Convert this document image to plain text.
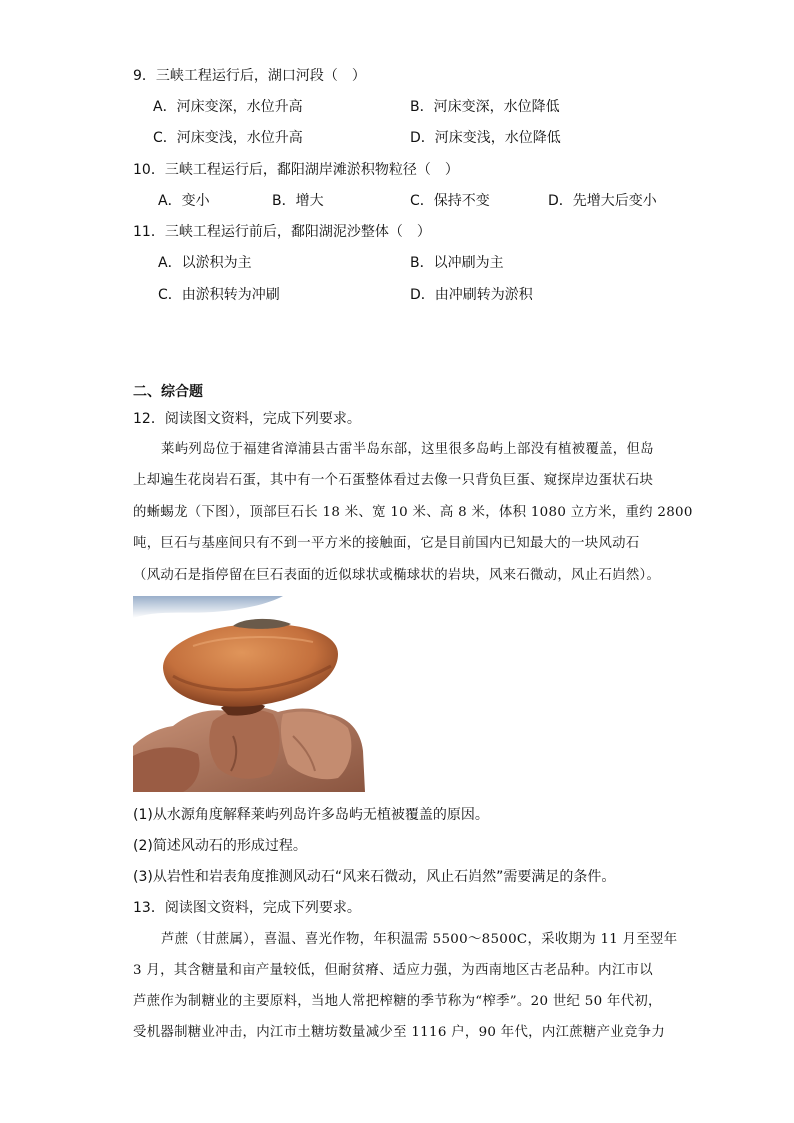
9．三峡工程运行后，湖口河段（　）
A．河床变深，水位升高	B．河床变深，水位降低
C．河床变浅，水位升高	D．河床变浅，水位降低
10．三峡工程运行后，鄱阳湖岸滩淤积物粒径（　）
A．变小	B．增大	C．保持不变	D．先增大后变小
11．三峡工程运行前后，鄱阳湖泥沙整体（　）
A．以淤积为主	B．以冲刷为主
C．由淤积转为冲刷	D．由冲刷转为淤积
二、综合题
12．阅读图文资料，完成下列要求。
莱屿列岛位于福建省漳浦县古雷半岛东部，这里很多岛屿上部没有植被覆盖，但岛
上却遍生花岗岩石蛋，其中有一个石蛋整体看过去像一只背负巨蛋、窥探岸边蛋状石块
的蜥蜴龙（下图），顶部巨石长 18 米、宽 10 米、高 8 米，体积 1080 立方米，重约 2800
吨，巨石与基座间只有不到一平方米的接触面，它是目前国内已知最大的一块风动石
（风动石是指停留在巨石表面的近似球状或椭球状的岩块，风来石微动，风止石岿然）。
(1)从水源角度解释莱屿列岛许多岛屿无植被覆盖的原因。
(2)简述风动石的形成过程。
(3)从岩性和岩表角度推测风动石“风来石微动，风止石岿然”需要满足的条件。
13．阅读图文资料，完成下列要求。
芦蔗（甘蔗属），喜温、喜光作物，年积温需 5500～8500C，采收期为 11 月至翌年
3 月，其含糖量和亩产量较低，但耐贫瘠、适应力强，为西南地区古老品种。内江市以
芦蔗作为制糖业的主要原料，当地人常把榨糖的季节称为“榨季”。20 世纪 50 年代初，
受机器制糖业冲击，内江市土糖坊数量减少至 1116 户，90 年代，内江蔗糖产业竞争力
